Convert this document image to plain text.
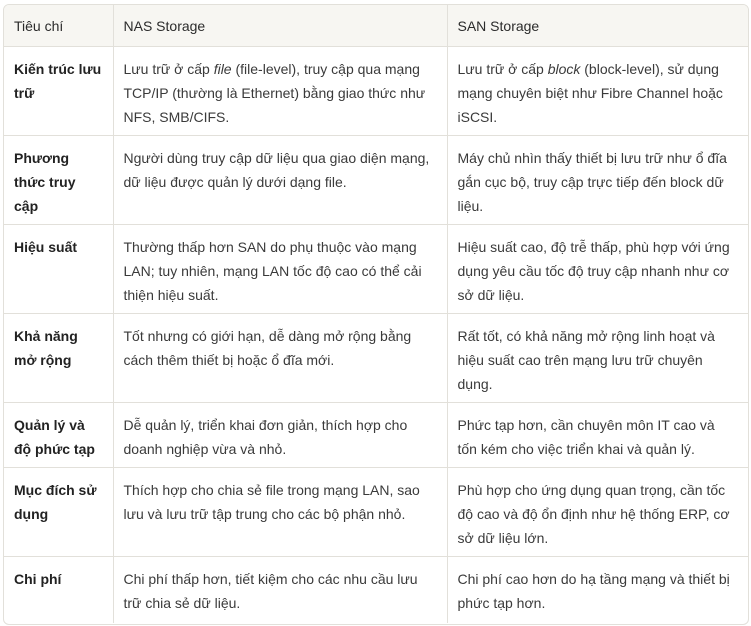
Tiêu chí	NAS Storage	SAN Storage
Kiến trúc lưu trữ	Lưu trữ ở cấp file (file-level), truy cập qua mạng TCP/IP (thường là Ethernet) bằng giao thức như NFS, SMB/CIFS.	Lưu trữ ở cấp block (block-level), sử dụng mạng chuyên biệt như Fibre Channel hoặc iSCSI.
Phương thức truy cập	Người dùng truy cập dữ liệu qua giao diện mạng, dữ liệu được quản lý dưới dạng file.	Máy chủ nhìn thấy thiết bị lưu trữ như ổ đĩa gắn cục bộ, truy cập trực tiếp đến block dữ liệu.
Hiệu suất	Thường thấp hơn SAN do phụ thuộc vào mạng LAN; tuy nhiên, mạng LAN tốc độ cao có thể cải thiện hiệu suất.	Hiệu suất cao, độ trễ thấp, phù hợp với ứng dụng yêu cầu tốc độ truy cập nhanh như cơ sở dữ liệu.
Khả năng mở rộng	Tốt nhưng có giới hạn, dễ dàng mở rộng bằng cách thêm thiết bị hoặc ổ đĩa mới.	Rất tốt, có khả năng mở rộng linh hoạt và hiệu suất cao trên mạng lưu trữ chuyên dụng.
Quản lý và độ phức tạp	Dễ quản lý, triển khai đơn giản, thích hợp cho doanh nghiệp vừa và nhỏ.	Phức tạp hơn, cần chuyên môn IT cao và tốn kém cho việc triển khai và quản lý.
Mục đích sử dụng	Thích hợp cho chia sẻ file trong mạng LAN, sao lưu và lưu trữ tập trung cho các bộ phận nhỏ.	Phù hợp cho ứng dụng quan trọng, cần tốc độ cao và độ ổn định như hệ thống ERP, cơ sở dữ liệu lớn.
Chi phí	Chi phí thấp hơn, tiết kiệm cho các nhu cầu lưu trữ chia sẻ dữ liệu.	Chi phí cao hơn do hạ tầng mạng và thiết bị phức tạp hơn.
